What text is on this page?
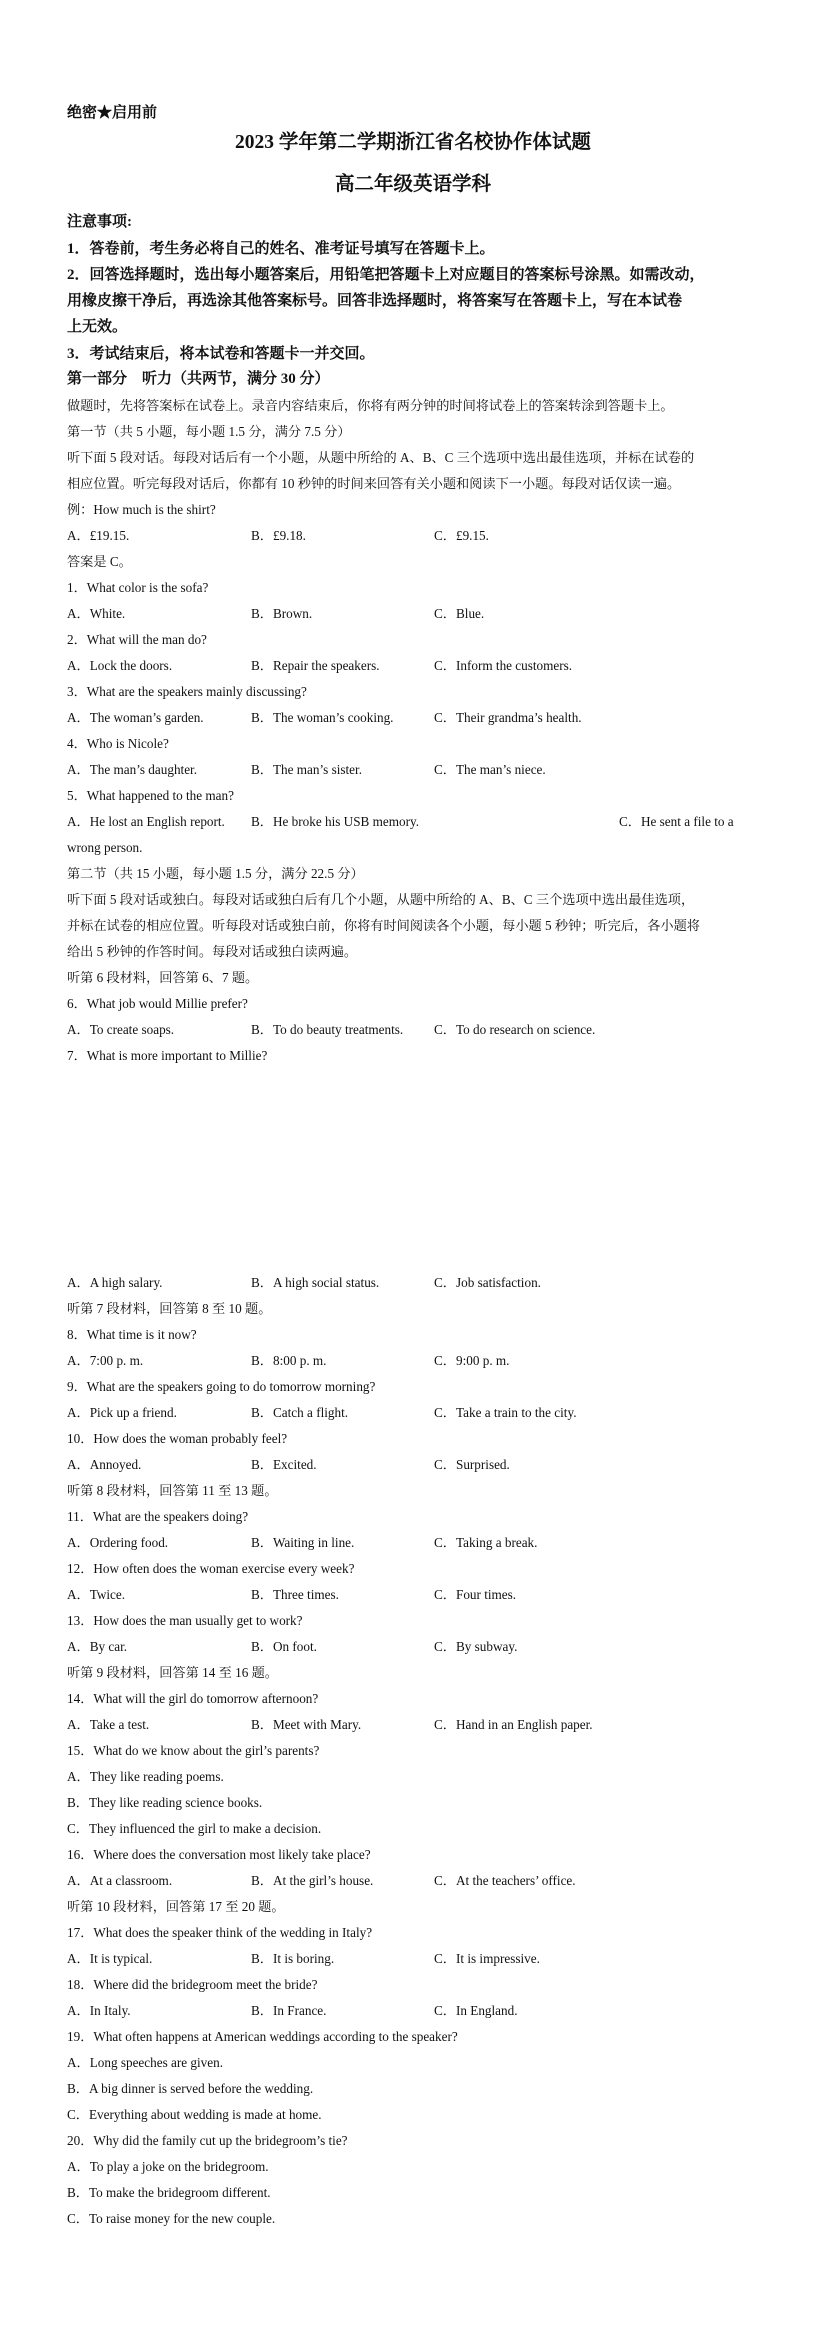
绝密★启用前
2023 学年第二学期浙江省名校协作体试题
高二年级英语学科
注意事项:
1．答卷前，考生务必将自己的姓名、准考证号填写在答题卡上。
2．回答选择题时，选出每小题答案后，用铅笔把答题卡上对应题目的答案标号涂黑。如需改动，
用橡皮擦干净后，再选涂其他答案标号。回答非选择题时，将答案写在答题卡上，写在本试卷
上无效。
3．考试结束后，将本试卷和答题卡一并交回。
第一部分　听力（共两节，满分 30 分）
做题时，先将答案标在试卷上。录音内容结束后，你将有两分钟的时间将试卷上的答案转涂到答题卡上。
第一节（共 5 小题，每小题 1.5 分，满分 7.5 分）
听下面 5 段对话。每段对话后有一个小题，从题中所给的 A、B、C 三个选项中选出最佳选项，并标在试卷的
相应位置。听完每段对话后，你都有 10 秒钟的时间来回答有关小题和阅读下一小题。每段对话仅读一遍。
例：How much is the shirt?
A．£19.15.	B．£9.18.	C．£9.15.
答案是 C。
1．What color is the sofa?
A．White.	B．Brown.	C．Blue.
2．What will the man do?
A．Lock the doors.	B．Repair the speakers.	C．Inform the customers.
3．What are the speakers mainly discussing?
A．The woman’s garden.	B．The woman’s cooking.	C．Their grandma’s health.
4．Who is Nicole?
A．The man’s daughter.	B．The man’s sister.	C．The man’s niece.
5．What happened to the man?
A．He lost an English report. B．He broke his USB memory.	C．He sent a file to a
wrong person.
第二节（共 15 小题，每小题 1.5 分，满分 22.5 分）
听下面 5 段对话或独白。每段对话或独白后有几个小题，从题中所给的 A、B、C 三个选项中选出最佳选项，
并标在试卷的相应位置。听每段对话或独白前，你将有时间阅读各个小题，每小题 5 秒钟；听完后，各小题将
给出 5 秒钟的作答时间。每段对话或独白读两遍。
听第 6 段材料，回答第 6、7 题。
6．What job would Millie prefer?
A．To create soaps.	B．To do beauty treatments. C．To do research on science.
7．What is more important to Millie?
A．A high salary.	B．A high social status.	C．Job satisfaction.
听第 7 段材料，回答第 8 至 10 题。
8．What time is it now?
A．7:00 p. m.	B．8:00 p. m.	C．9:00 p. m.
9．What are the speakers going to do tomorrow morning?
A．Pick up a friend.	B．Catch a flight.	C．Take a train to the city.
10．How does the woman probably feel?
A．Annoyed.	B．Excited.	C．Surprised.
听第 8 段材料，回答第 11 至 13 题。
11．What are the speakers doing?
A．Ordering food.	B．Waiting in line.	C．Taking a break.
12．How often does the woman exercise every week?
A．Twice.	B．Three times.	C．Four times.
13．How does the man usually get to work?
A．By car.	B．On foot.	C．By subway.
听第 9 段材料，回答第 14 至 16 题。
14．What will the girl do tomorrow afternoon?
A．Take a test.	B．Meet with Mary.	C．Hand in an English paper.
15．What do we know about the girl’s parents?
A．They like reading poems.
B．They like reading science books.
C．They influenced the girl to make a decision.
16．Where does the conversation most likely take place?
A．At a classroom.	B．At the girl’s house.	C．At the teachers’ office.
听第 10 段材料，回答第 17 至 20 题。
17．What does the speaker think of the wedding in Italy?
A．It is typical.	B．It is boring.	C．It is impressive.
18．Where did the bridegroom meet the bride?
A．In Italy.	B．In France.	C．In England.
19．What often happens at American weddings according to the speaker?
A．Long speeches are given.
B．A big dinner is served before the wedding.
C．Everything about wedding is made at home.
20．Why did the family cut up the bridegroom’s tie?
A．To play a joke on the bridegroom.
B．To make the bridegroom different.
C．To raise money for the new couple.
